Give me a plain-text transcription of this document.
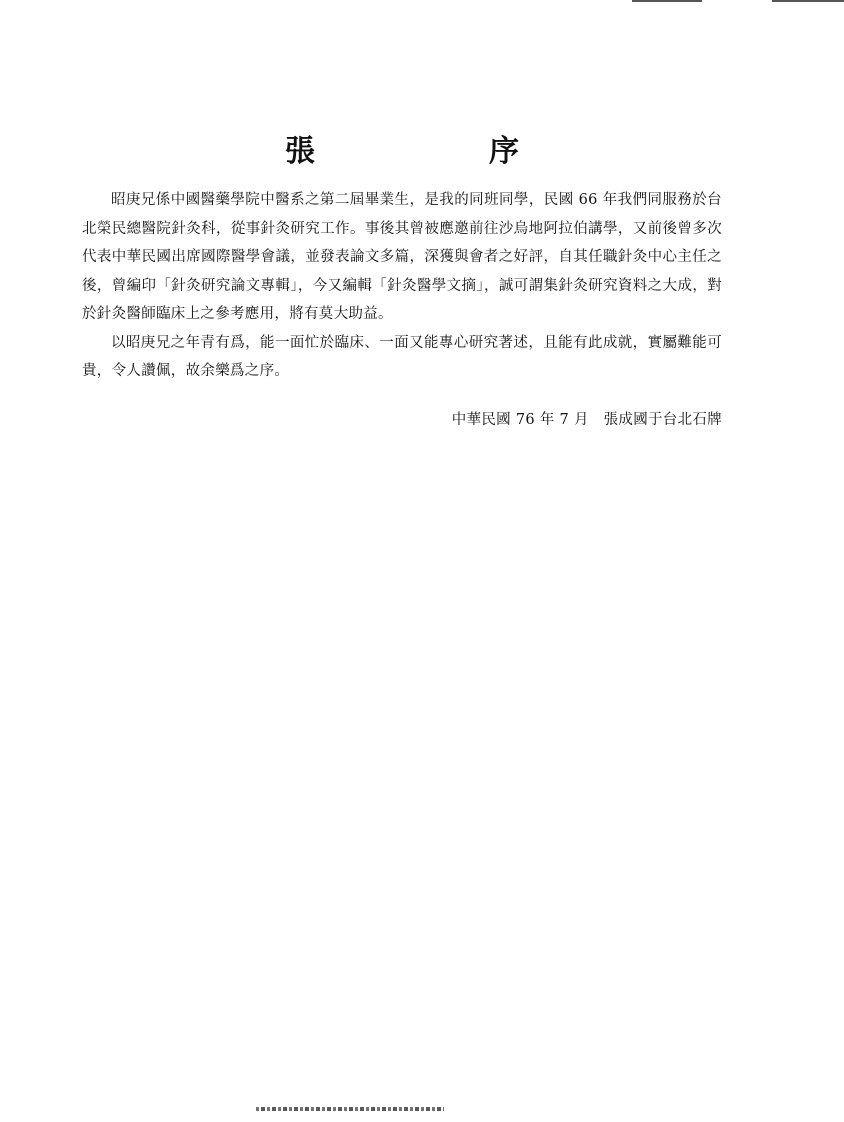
張　序

昭庚兄係中國醫藥學院中醫系之第二屆畢業生，是我的同班同學，民國 66 年我們同服務於台北榮民總醫院針灸科，從事針灸研究工作。事後其曾被應邀前往沙烏地阿拉伯講學，又前後曾多次代表中華民國出席國際醫學會議，並發表論文多篇，深獲與會者之好評，自其任職針灸中心主任之後，曾編印「針灸研究論文專輯」，今又編輯「針灸醫學文摘」，誠可謂集針灸研究資料之大成，對於針灸醫師臨床上之參考應用，將有莫大助益。

以昭庚兄之年青有爲，能一面忙於臨床、一面又能專心研究著述，且能有此成就，實屬難能可貴，令人讚佩，故余樂爲之序。

中華民國 76 年 7 月　張成國于台北石牌
